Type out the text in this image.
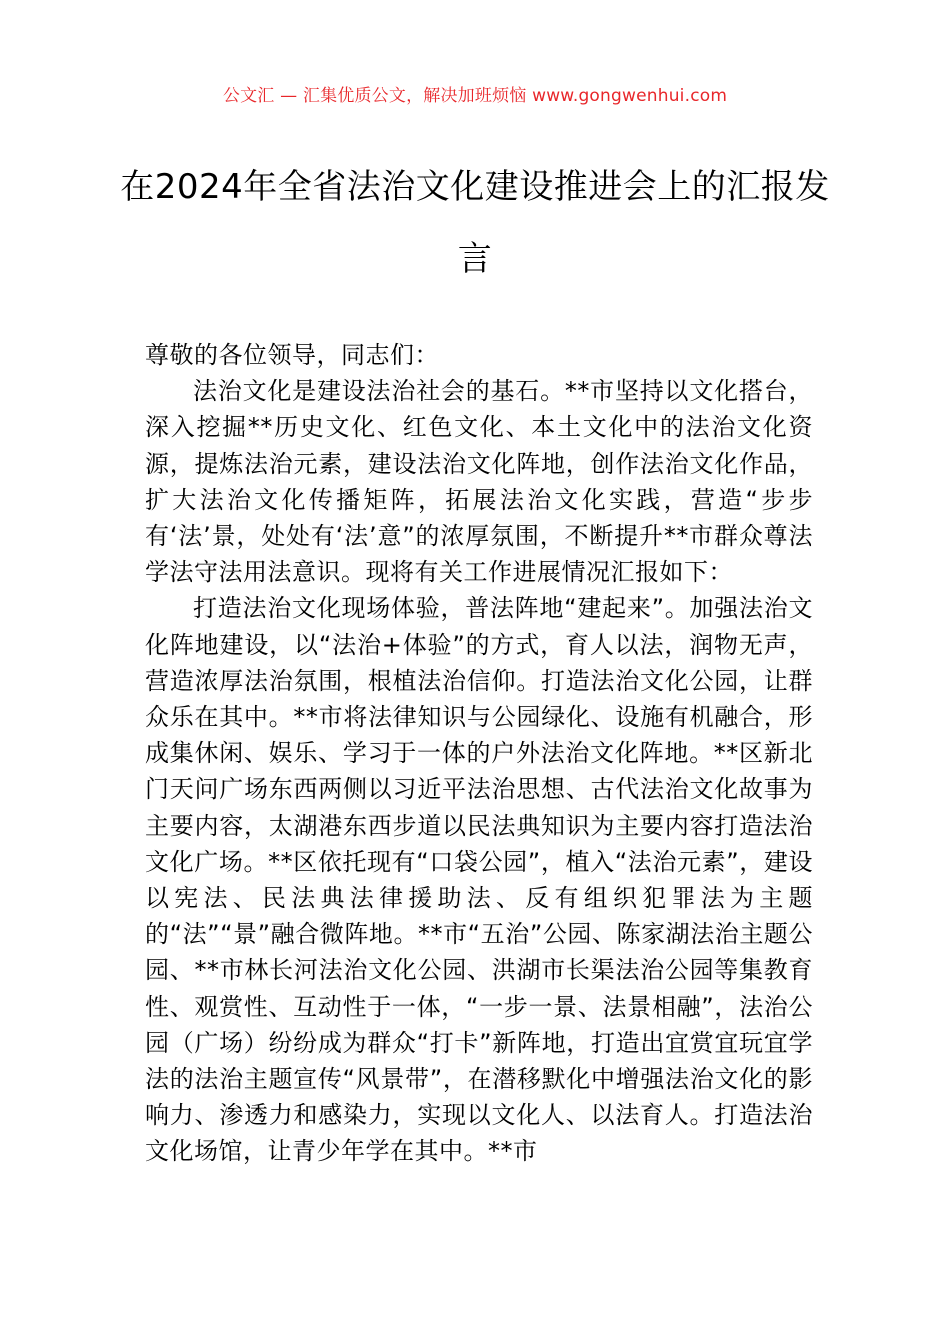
公文汇 — 汇集优质公文，解决加班烦恼 www.gongwenhui.com
在2024年全省法治文化建设推进会上的汇报发言

尊敬的各位领导，同志们：

法治文化是建设法治社会的基石。**市坚持以文化搭台，深入挖掘**历史文化、红色文化、本土文化中的法治文化资源，提炼法治元素，建设法治文化阵地，创作法治文化作品，扩大法治文化传播矩阵，拓展法治文化实践，营造“步步有‘法’景，处处有‘法’意”的浓厚氛围，不断提升**市群众尊法学法守法用法意识。现将有关工作进展情况汇报如下：

打造法治文化现场体验，普法阵地“建起来”。加强法治文化阵地建设，以“法治+体验”的方式，育人以法，润物无声，营造浓厚法治氛围，根植法治信仰。打造法治文化公园，让群众乐在其中。**市将法律知识与公园绿化、设施有机融合，形成集休闲、娱乐、学习于一体的户外法治文化阵地。**区新北门天问广场东西两侧以习近平法治思想、古代法治文化故事为主要内容，太湖港东西步道以民法典知识为主要内容打造法治文化广场。**区依托现有“口袋公园”，植入“法治元素”，建设以宪法、民法典法律援助法、反有组织犯罪法为主题的“法”“景”融合微阵地。**市“五治”公园、陈家湖法治主题公园、**市林长河法治文化公园、洪湖市长渠法治公园等集教育性、观赏性、互动性于一体，“一步一景、法景相融”，法治公园（广场）纷纷成为群众“打卡”新阵地，打造出宜赏宜玩宜学法的法治主题宣传“风景带”，在潜移默化中增强法治文化的影响力、渗透力和感染力，实现以文化人、以法育人。打造法治文化场馆，让青少年学在其中。**市
